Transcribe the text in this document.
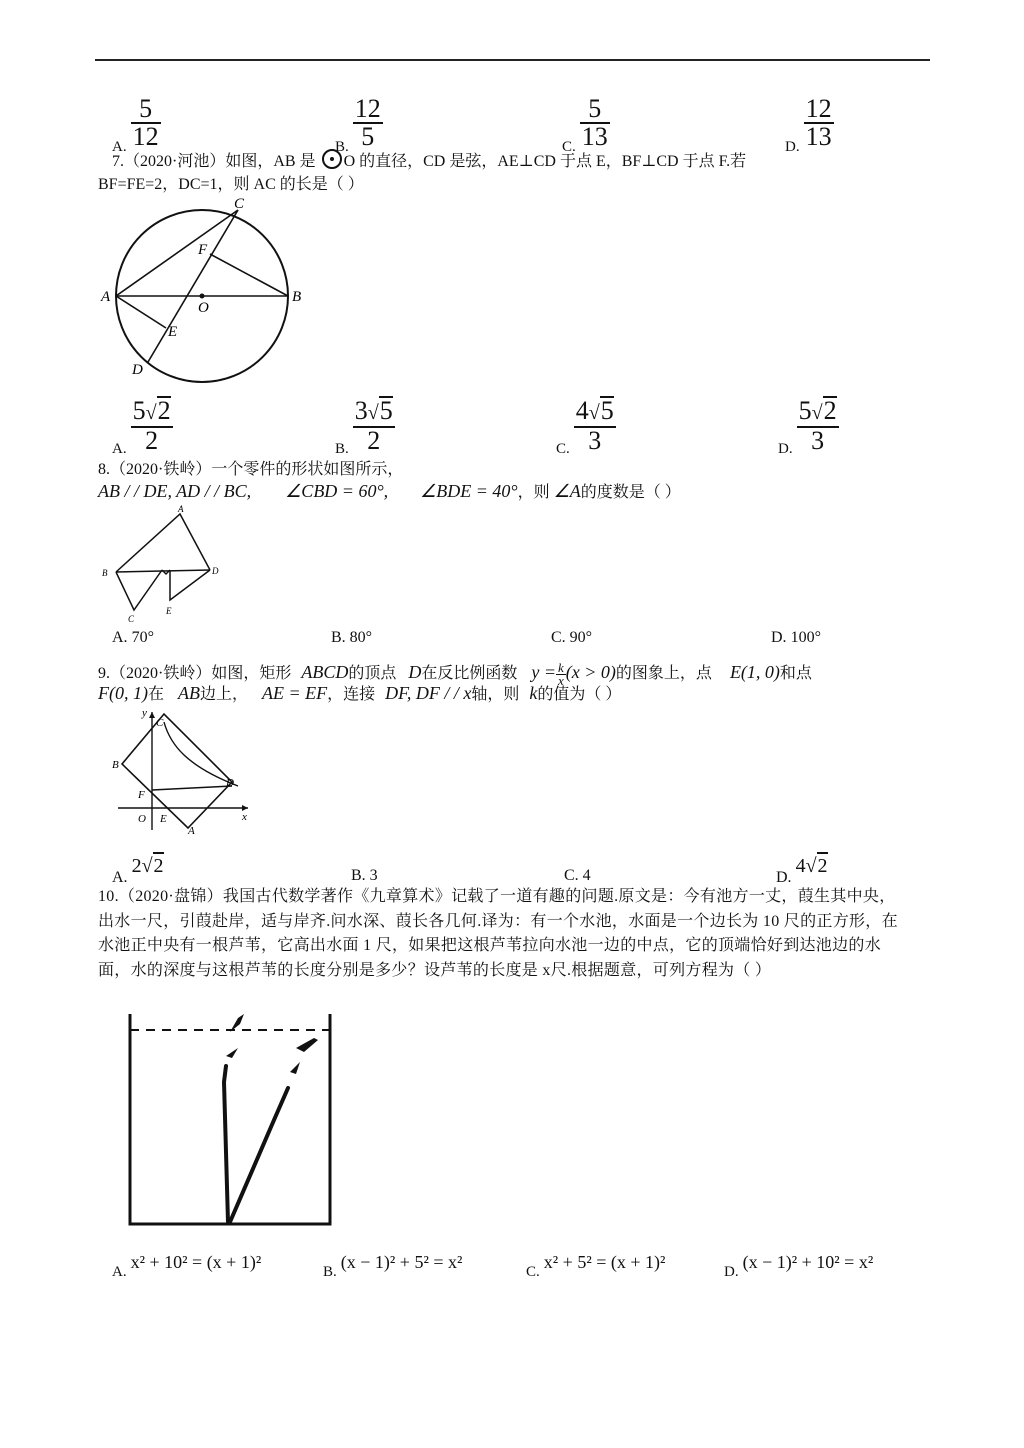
A. $\frac{5}{12}$	B. $\frac{12}{5}$	C. $\frac{5}{13}$	D. $\frac{12}{13}$
7.（2020·河池）如图，AB 是 O 的直径，CD 是弦，AE⊥CD 于点 E，BF⊥CD 于点 F.若
BF=FE=2，DC=1，则 AC 的长是（ ）
A	B
C
D
E
F
O
A. $\frac{5√2}{2}$	B. $\frac{3√5}{2}$	C. $\frac{4√5}{3}$	D. $\frac{5√2}{3}$
8.（2020·铁岭）一个零件的形状如图所示，
AB / / DE, AD / / BC, ∠CBD = 60°, ∠BDE = 40°，则 ∠A的度数是（ ）
A
B
C
D
E
A. 70°	B. 80°	C. 90°	D. 100°
9.（2020·铁岭）如图，矩形 ABCD的顶点 D在反比例函数 $y = \frac{k}{x} (x > 0)$的图象上，点 E(1, 0)和点
F(0, 1)在 AB边上， AE = EF，连接 DF, DF / / x轴，则 k的值为（ ）
y
x
O E
A
B
C
D
F
A. 2√2	B. 3	C. 4	D. 4√2
10.（2020·盘锦）我国古代数学著作《九章算术》记载了一道有趣的问题.原文是：今有池方一丈，葭生其中央，出水一尺，引葭赴岸，适与岸齐.问水深、葭长各几何.译为：有一个水池，水面是一个边长为 10 尺的正方形，在水池正中央有一根芦苇，它高出水面 1 尺，如果把这根芦苇拉向水池一边的中点，它的顶端恰好到达池边的水面，水的深度与这根芦苇的长度分别是多少？设芦苇的长度是 x尺.根据题意，可列方程为（ ）
A. x² + 10² = (x + 1)²	B. (x − 1)² + 5² = x²	C. x² + 5² = (x + 1)²	D. (x − 1)² + 10² = x²
